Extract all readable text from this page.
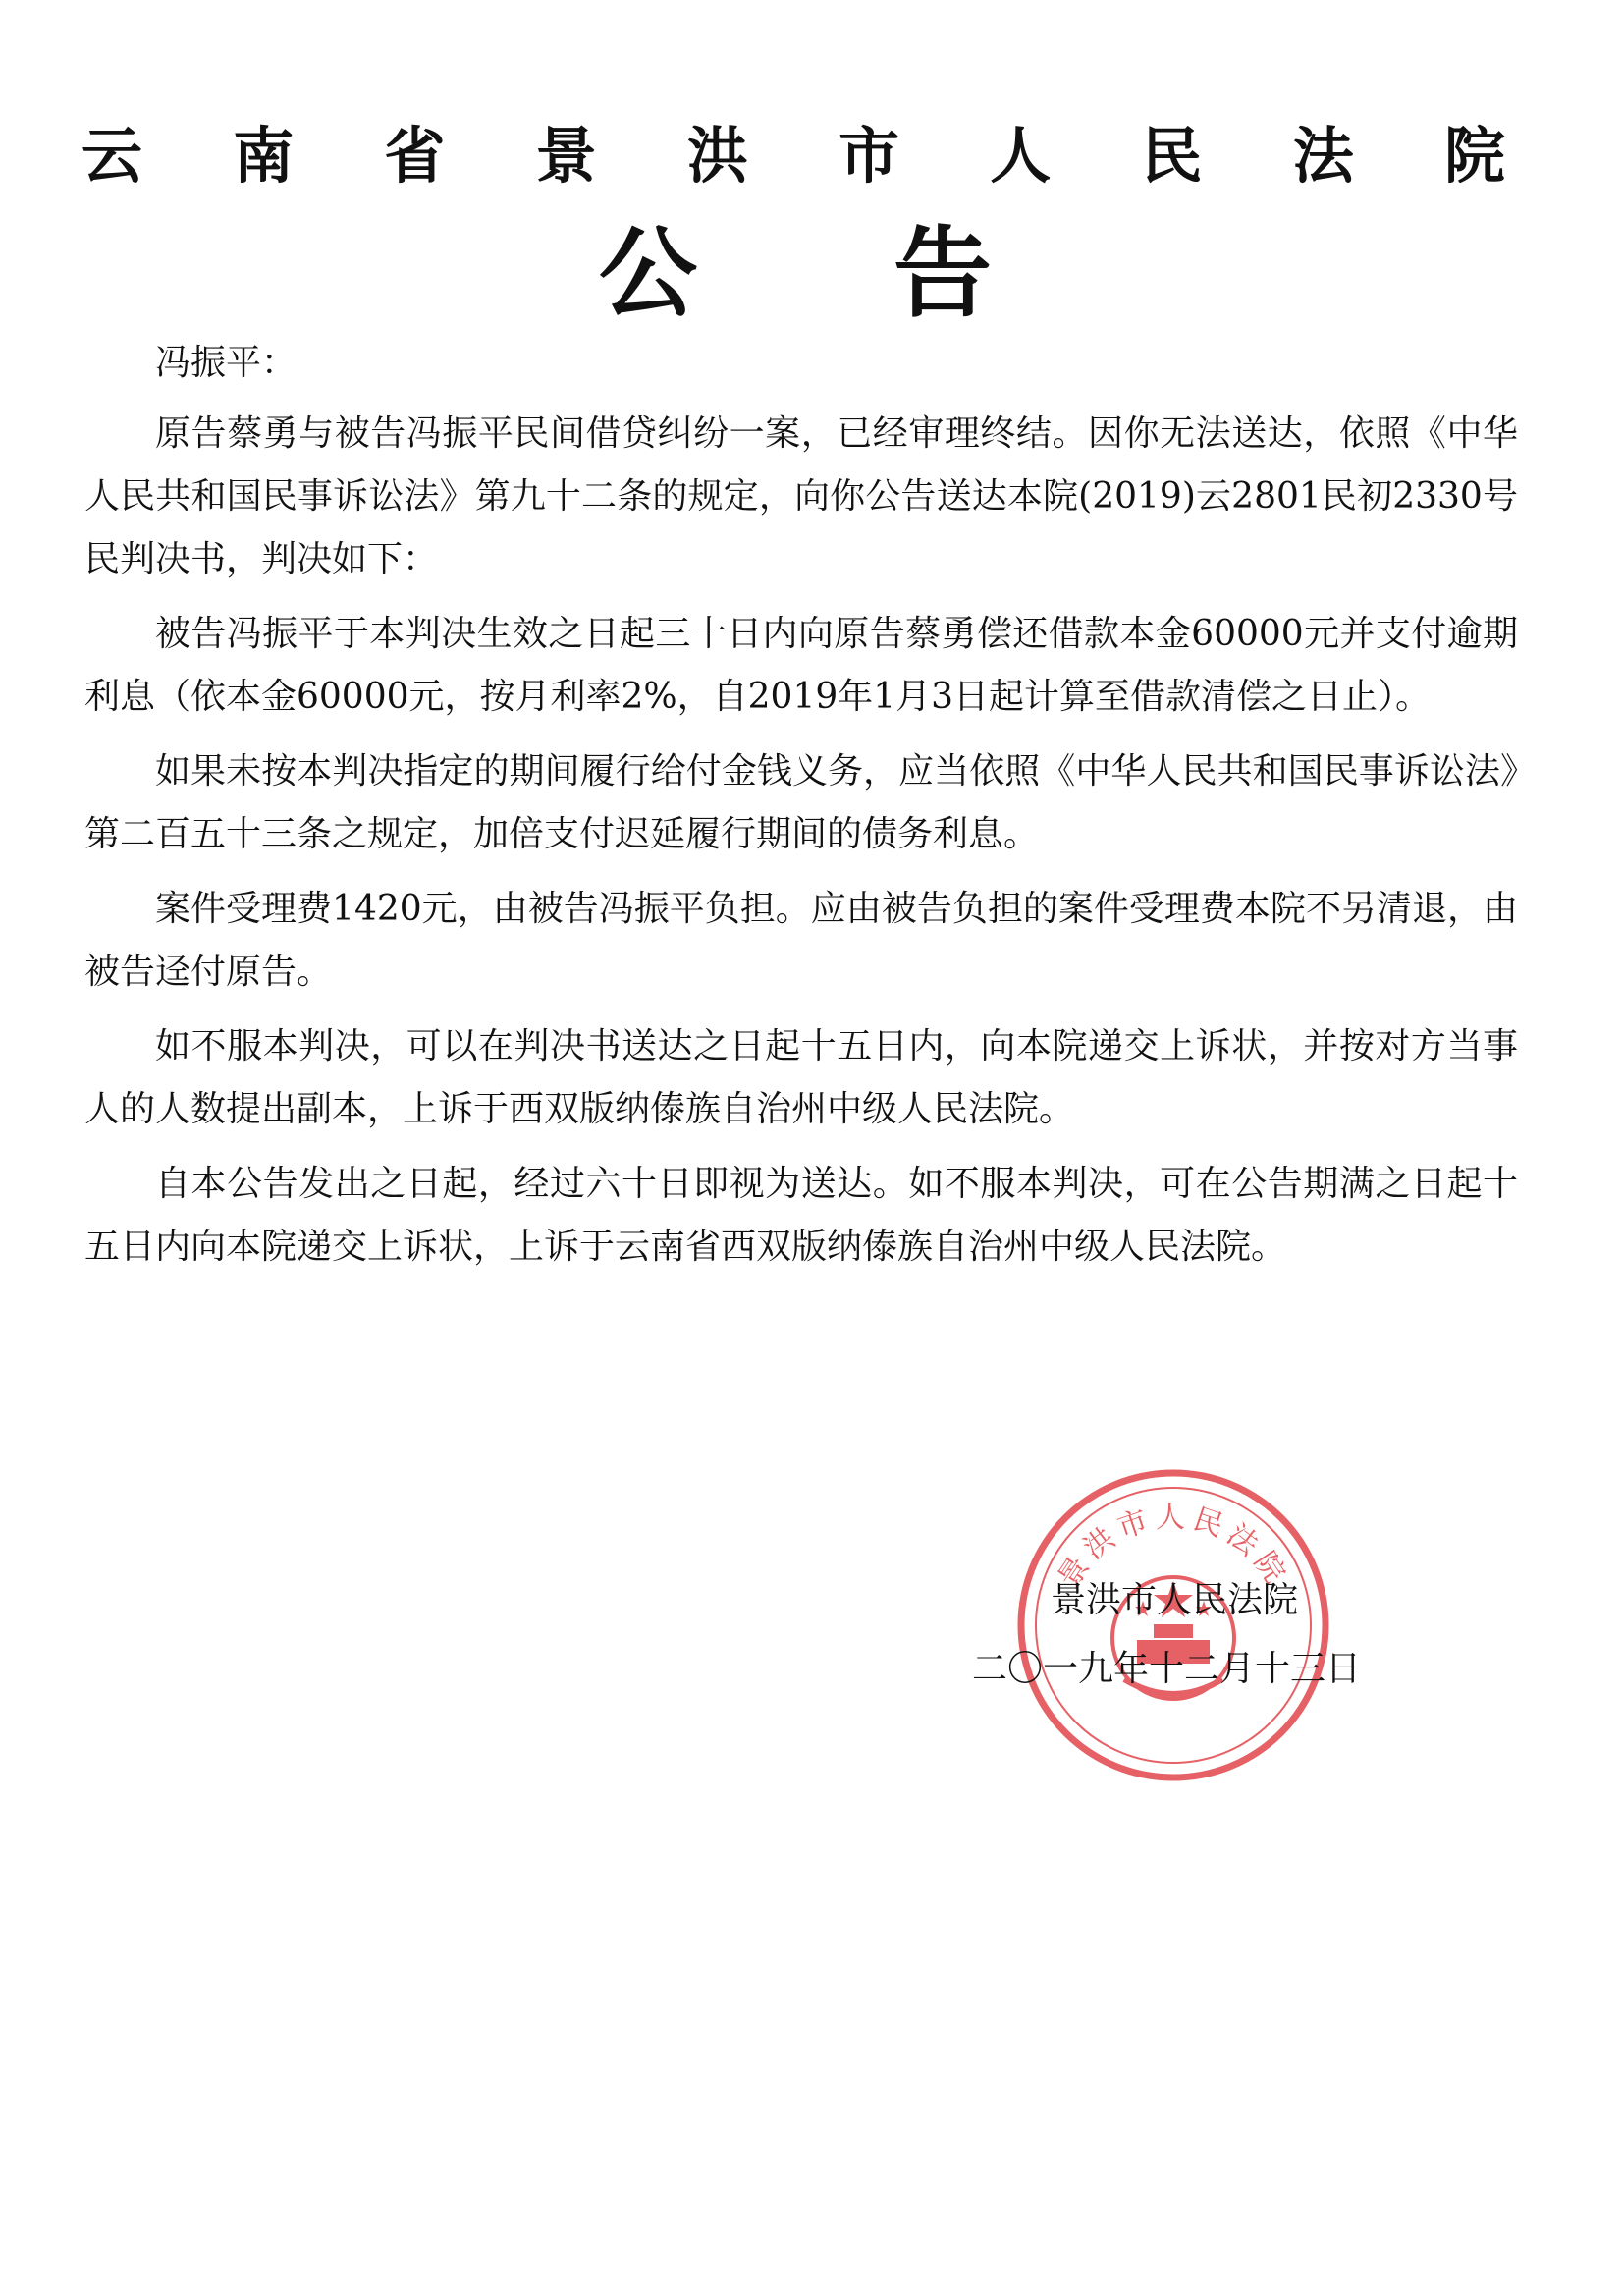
云 南 省 景 洪 市 人 民 法 院
公 告

冯振平：

原告蔡勇与被告冯振平民间借贷纠纷一案，已经审理终结。因你无法送达，依照《中华人民共和国民事诉讼法》第九十二条的规定，向你公告送达本院(2019)云2801民初2330号民判决书，判决如下：

被告冯振平于本判决生效之日起三十日内向原告蔡勇偿还借款本金60000元并支付逾期利息（依本金60000元，按月利率2%，自2019年1月3日起计算至借款清偿之日止）。

如果未按本判决指定的期间履行给付金钱义务，应当依照《中华人民共和国民事诉讼法》第二百五十三条之规定，加倍支付迟延履行期间的债务利息。

案件受理费1420元，由被告冯振平负担。应由被告负担的案件受理费本院不另清退，由被告迳付原告。

如不服本判决，可以在判决书送达之日起十五日内，向本院递交上诉状，并按对方当事人的人数提出副本，上诉于西双版纳傣族自治州中级人民法院。

自本公告发出之日起，经过六十日即视为送达。如不服本判决，可在公告期满之日起十五日内向本院递交上诉状，上诉于云南省西双版纳傣族自治州中级人民法院。

景洪市人民法院
景洪市人民法院
二〇一九年十二月十三日
